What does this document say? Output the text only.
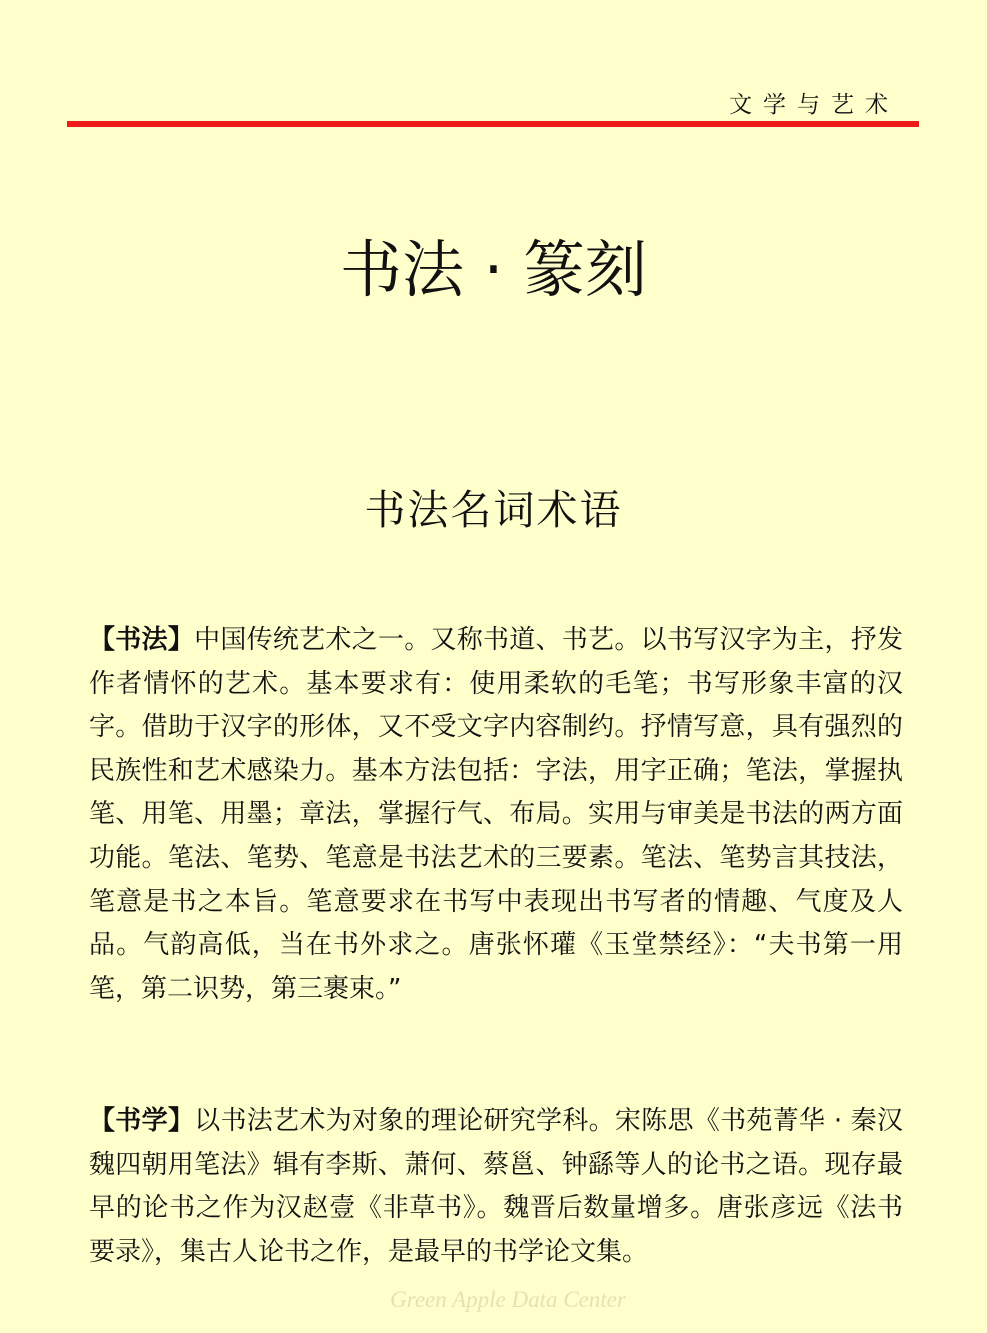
文学与艺术
书法 · 篆刻
书法名词术语
【书法】中国传统艺术之一。又称书道、书艺。以书写汉字为主，抒发作者情怀的艺术。基本要求有：使用柔软的毛笔；书写形象丰富的汉字。借助于汉字的形体，又不受文字内容制约。抒情写意，具有强烈的民族性和艺术感染力。基本方法包括：字法，用字正确；笔法，掌握执笔、用笔、用墨；章法，掌握行气、布局。实用与审美是书法的两方面功能。笔法、笔势、笔意是书法艺术的三要素。笔法、笔势言其技法，笔意是书之本旨。笔意要求在书写中表现出书写者的情趣、气度及人品。气韵高低，当在书外求之。唐张怀瓘《玉堂禁经》：“夫书第一用笔，第二识势，第三裹束。”
【书学】以书法艺术为对象的理论研究学科。宋陈思《书苑菁华 · 秦汉魏四朝用笔法》辑有李斯、萧何、蔡邕、钟繇等人的论书之语。现存最早的论书之作为汉赵壹《非草书》。魏晋后数量增多。唐张彦远《法书要录》，集古人论书之作，是最早的书学论文集。
Green Apple Data Center
